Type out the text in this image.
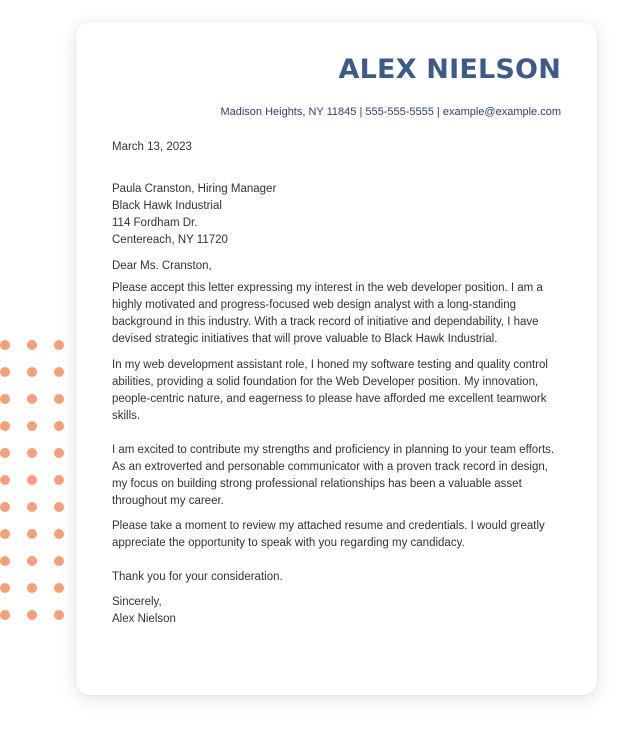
ALEX NIELSON
Madison Heights, NY 11845 | 555-555-5555 | example@example.com
March 13, 2023
Paula Cranston, Hiring Manager
Black Hawk Industrial
114 Fordham Dr.
Centereach, NY 11720
Dear Ms. Cranston,

Please accept this letter expressing my interest in the web developer position. I am a highly motivated and progress-focused web design analyst with a long-standing background in this industry. With a track record of initiative and dependability, I have devised strategic initiatives that will prove valuable to Black Hawk Industrial.

In my web development assistant role, I honed my software testing and quality control abilities, providing a solid foundation for the Web Developer position. My innovation, people-centric nature, and eagerness to please have afforded me excellent teamwork skills.

I am excited to contribute my strengths and proficiency in planning to your team efforts. As an extroverted and personable communicator with a proven track record in design, my focus on building strong professional relationships has been a valuable asset throughout my career.

Please take a moment to review my attached resume and credentials. I would greatly appreciate the opportunity to speak with you regarding my candidacy.

Thank you for your consideration.
Sincerely,
Alex Nielson
